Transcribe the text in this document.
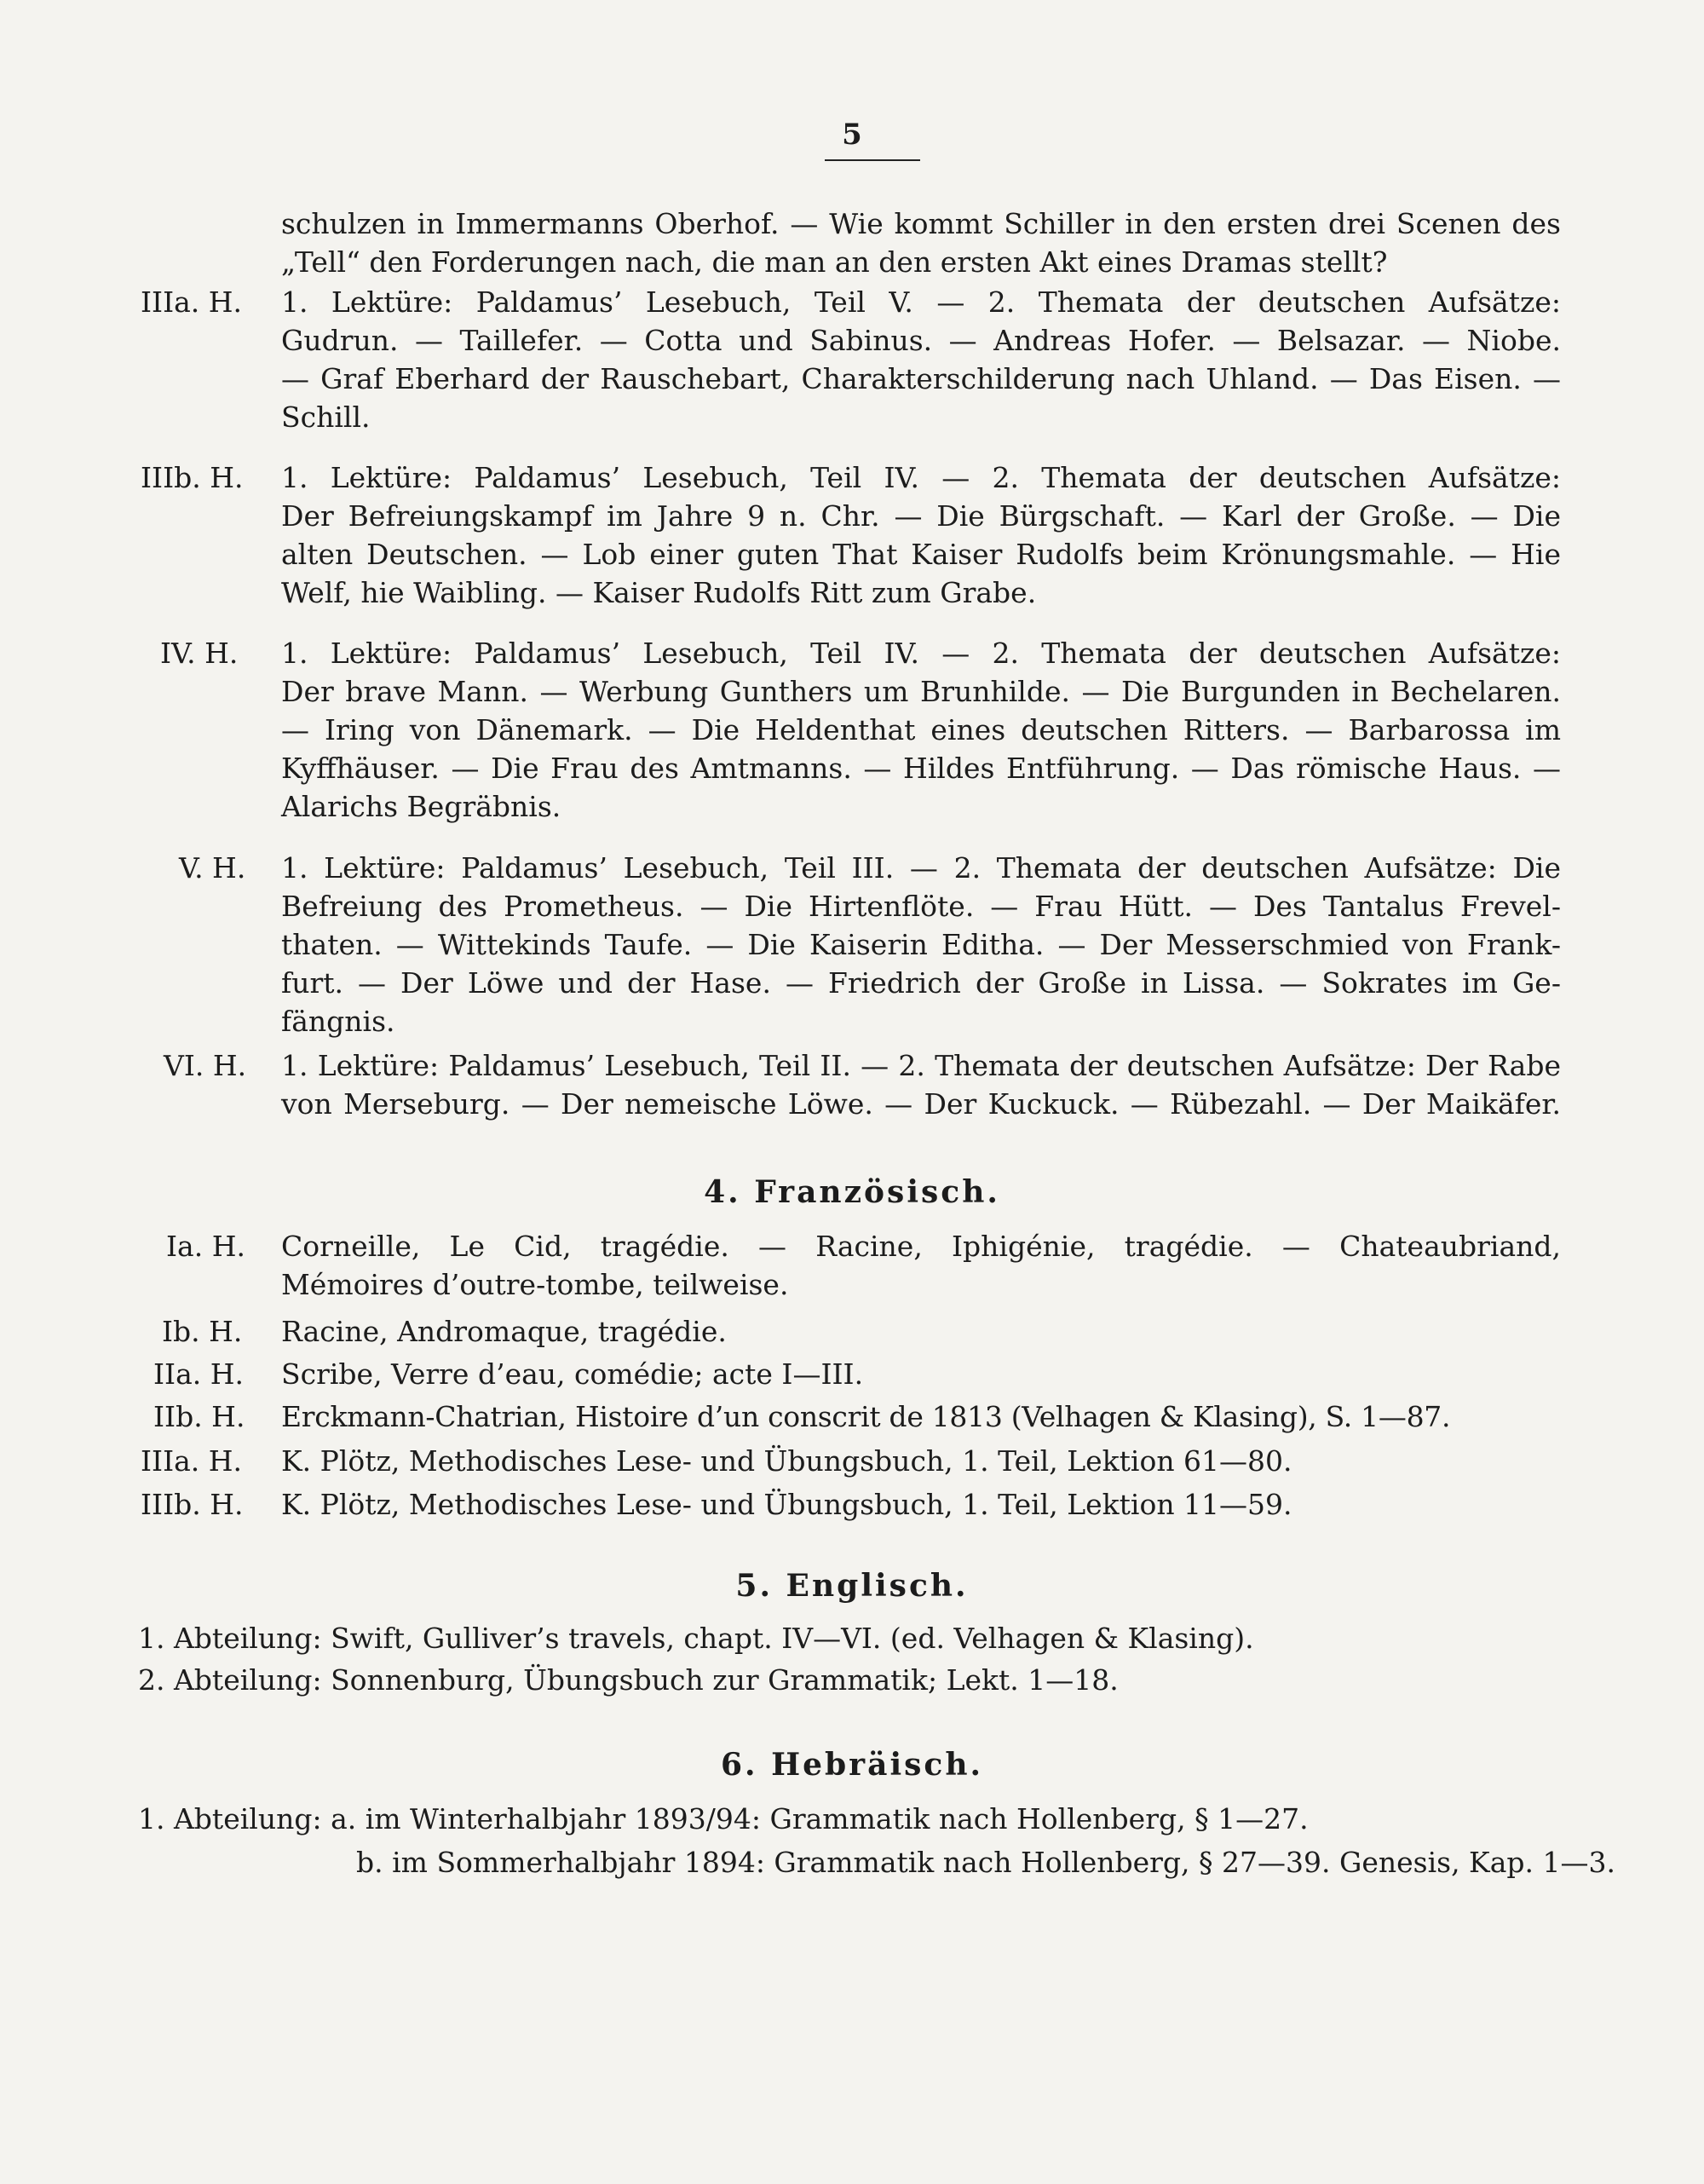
5
schulzen in Immermanns Oberhof. — Wie kommt Schiller in den ersten drei Scenen des
„Tell“ den Forderungen nach, die man an den ersten Akt eines Dramas stellt?
IIIa. H.	1. Lektüre: Paldamus’ Lesebuch, Teil V. — 2. Themata der deutschen Aufsätze:
Gudrun. — Taillefer. — Cotta und Sabinus. — Andreas Hofer. — Belsazar. — Niobe.
— Graf Eberhard der Rauschebart, Charakterschilderung nach Uhland. — Das Eisen. —
Schill.
IIIb. H.	1. Lektüre: Paldamus’ Lesebuch, Teil IV. — 2. Themata der deutschen Aufsätze:
Der Befreiungskampf im Jahre 9 n. Chr. — Die Bürgschaft. — Karl der Große. — Die
alten Deutschen. — Lob einer guten That Kaiser Rudolfs beim Krönungsmahle. — Hie
Welf, hie Waibling. — Kaiser Rudolfs Ritt zum Grabe.
IV. H.	1. Lektüre: Paldamus’ Lesebuch, Teil IV. — 2. Themata der deutschen Aufsätze:
Der brave Mann. — Werbung Gunthers um Brunhilde. — Die Burgunden in Bechelaren.
— Iring von Dänemark. — Die Heldenthat eines deutschen Ritters. — Barbarossa im
Kyffhäuser. — Die Frau des Amtmanns. — Hildes Entführung. — Das römische Haus. —
Alarichs Begräbnis.
V. H.	1. Lektüre: Paldamus’ Lesebuch, Teil III. — 2. Themata der deutschen Aufsätze: Die
Befreiung des Prometheus. — Die Hirtenflöte. — Frau Hütt. — Des Tantalus Frevel-
thaten. — Wittekinds Taufe. — Die Kaiserin Editha. — Der Messerschmied von Frank-
furt. — Der Löwe und der Hase. — Friedrich der Große in Lissa. — Sokrates im Ge-
fängnis.
VI. H.	1. Lektüre: Paldamus’ Lesebuch, Teil II. — 2. Themata der deutschen Aufsätze: Der Rabe
von Merseburg. — Der nemeische Löwe. — Der Kuckuck. — Rübezahl. — Der Maikäfer.
4. Französisch.
Ia. H.	Corneille, Le Cid, tragédie. — Racine, Iphigénie, tragédie. — Chateaubriand,
Mémoires d’outre-tombe, teilweise.
Ib. H.	Racine, Andromaque, tragédie.
IIa. H.	Scribe, Verre d’eau, comédie; acte I—III.
IIb. H.	Erckmann-Chatrian, Histoire d’un conscrit de 1813 (Velhagen & Klasing), S. 1—87.
IIIa. H.	K. Plötz, Methodisches Lese- und Übungsbuch, 1. Teil, Lektion 61—80.
IIIb. H.	K. Plötz, Methodisches Lese- und Übungsbuch, 1. Teil, Lektion 11—59.
5. Englisch.
1. Abteilung: Swift, Gulliver’s travels, chapt. IV—VI. (ed. Velhagen & Klasing).
2. Abteilung: Sonnenburg, Übungsbuch zur Grammatik; Lekt. 1—18.
6. Hebräisch.
1. Abteilung: a. im Winterhalbjahr 1893/94: Grammatik nach Hollenberg, § 1—27.
b. im Sommerhalbjahr 1894: Grammatik nach Hollenberg, § 27—39. Genesis, Kap. 1—3.
